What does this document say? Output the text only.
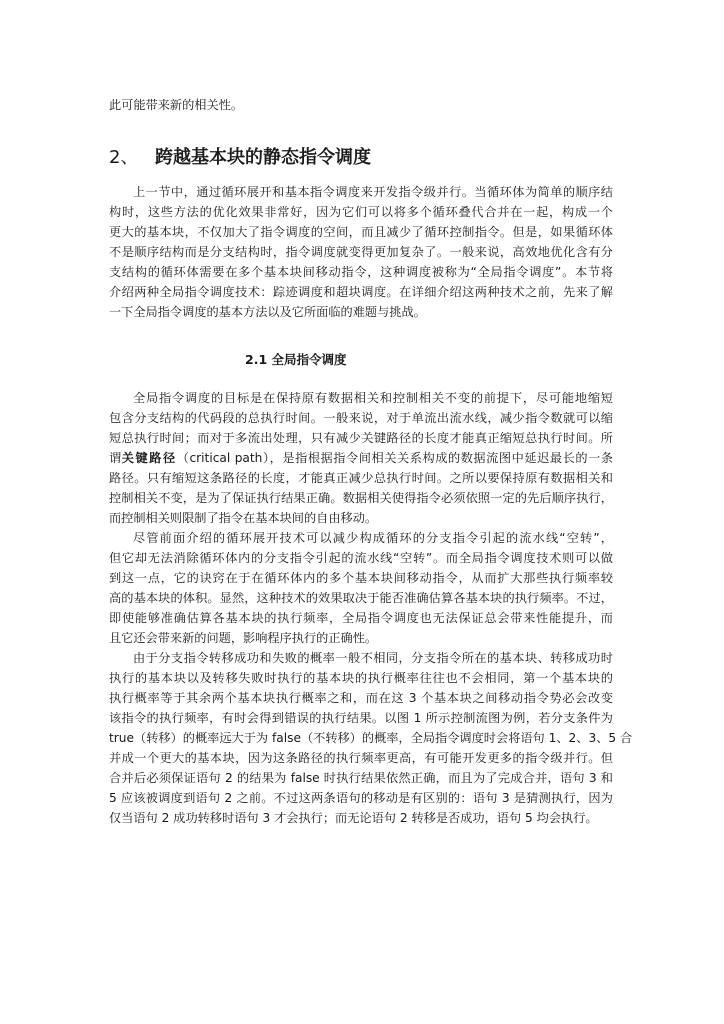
此可能带来新的相关性。
2、 跨越基本块的静态指令调度
上一节中，通过循环展开和基本指令调度来开发指令级并行。当循环体为简单的顺序结
构时，这些方法的优化效果非常好，因为它们可以将多个循环叠代合并在一起，构成一个
更大的基本块，不仅加大了指令调度的空间，而且减少了循环控制指令。但是，如果循环体
不是顺序结构而是分支结构时，指令调度就变得更加复杂了。一般来说，高效地优化含有分
支结构的循环体需要在多个基本块间移动指令，这种调度被称为“全局指令调度”。本节将
介绍两种全局指令调度技术：踪迹调度和超块调度。在详细介绍这两种技术之前，先来了解
一下全局指令调度的基本方法以及它所面临的难题与挑战。
2.1 全局指令调度
全局指令调度的目标是在保持原有数据相关和控制相关不变的前提下，尽可能地缩短
包含分支结构的代码段的总执行时间。一般来说，对于单流出流水线，减少指令数就可以缩
短总执行时间；而对于多流出处理，只有减少关键路径的长度才能真正缩短总执行时间。所
谓关键路径（critical path），是指根据指令间相关关系构成的数据流图中延迟最长的一条
路径。只有缩短这条路径的长度，才能真正减少总执行时间。之所以要保持原有数据相关和
控制相关不变，是为了保证执行结果正确。数据相关使得指令必须依照一定的先后顺序执行，
而控制相关则限制了指令在基本块间的自由移动。
尽管前面介绍的循环展开技术可以减少构成循环的分支指令引起的流水线“空转”，
但它却无法消除循环体内的分支指令引起的流水线“空转”。而全局指令调度技术则可以做
到这一点，它的诀窍在于在循环体内的多个基本块间移动指令，从而扩大那些执行频率较
高的基本块的体积。显然，这种技术的效果取决于能否准确估算各基本块的执行频率。不过，
即使能够准确估算各基本块的执行频率，全局指令调度也无法保证总会带来性能提升，而
且它还会带来新的问题，影响程序执行的正确性。
由于分支指令转移成功和失败的概率一般不相同，分支指令所在的基本块、转移成功时
执行的基本块以及转移失败时执行的基本块的执行概率往往也不会相同，第一个基本块的
执行概率等于其余两个基本块执行概率之和，而在这 3 个基本块之间移动指令势必会改变
该指令的执行频率，有时会得到错误的执行结果。以图 1 所示控制流图为例，若分支条件为
true（转移）的概率远大于为 false（不转移）的概率，全局指令调度时会将语句 1、2、3、5 合
并成一个更大的基本块，因为这条路径的执行频率更高，有可能开发更多的指令级并行。但
合并后必须保证语句 2 的结果为 false 时执行结果依然正确，而且为了完成合并，语句 3 和
5 应该被调度到语句 2 之前。不过这两条语句的移动是有区别的：语句 3 是猜测执行，因为
仅当语句 2 成功转移时语句 3 才会执行；而无论语句 2 转移是否成功，语句 5 均会执行。
